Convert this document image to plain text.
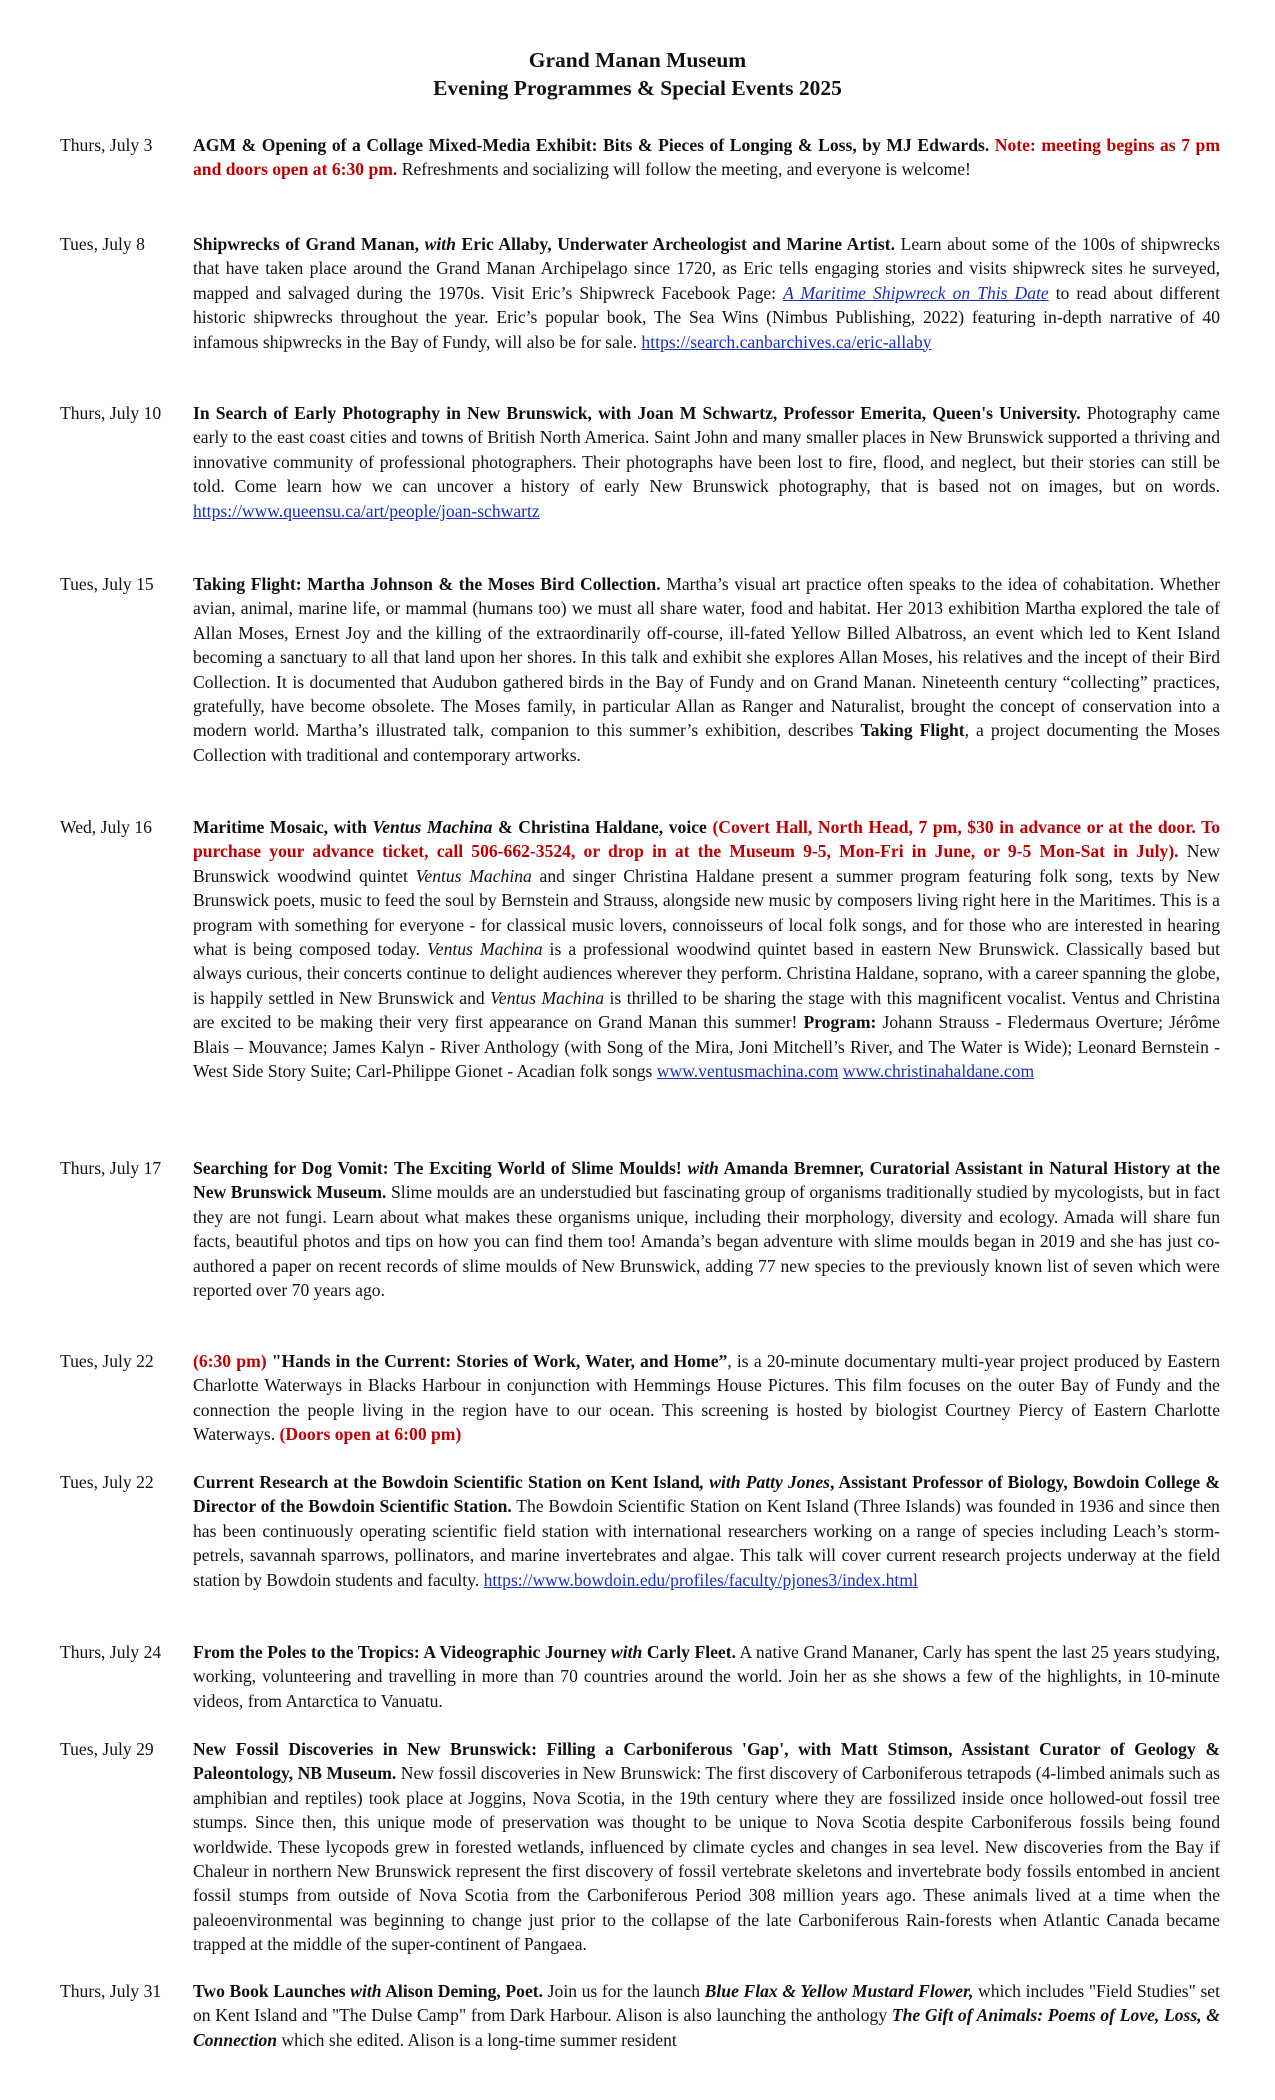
Grand Manan Museum
Evening Programmes & Special Events 2025
Thurs, July 3	AGM & Opening of a Collage Mixed-Media Exhibit: Bits & Pieces of Longing & Loss, by MJ Edwards. Note: meeting begins as 7 pm and doors open at 6:30 pm. Refreshments and socializing will follow the meeting, and everyone is welcome!
Tues, July 8	Shipwrecks of Grand Manan, with Eric Allaby, Underwater Archeologist and Marine Artist. Learn about some of the 100s of shipwrecks that have taken place around the Grand Manan Archipelago since 1720, as Eric tells engaging stories and visits shipwreck sites he surveyed, mapped and salvaged during the 1970s. Visit Eric’s Shipwreck Facebook Page: A Maritime Shipwreck on This Date to read about different historic shipwrecks throughout the year. Eric’s popular book, The Sea Wins (Nimbus Publishing, 2022) featuring in-depth narrative of 40 infamous shipwrecks in the Bay of Fundy, will also be for sale. https://search.canbarchives.ca/eric-allaby
Thurs, July 10	In Search of Early Photography in New Brunswick, with Joan M Schwartz, Professor Emerita, Queen's University. Photography came early to the east coast cities and towns of British North America. Saint John and many smaller places in New Brunswick supported a thriving and innovative community of professional photographers. Their photographs have been lost to fire, flood, and neglect, but their stories can still be told. Come learn how we can uncover a history of early New Brunswick photography, that is based not on images, but on words. https://www.queensu.ca/art/people/joan-schwartz
Tues, July 15	Taking Flight: Martha Johnson & the Moses Bird Collection. Martha’s visual art practice often speaks to the idea of cohabitation. Whether avian, animal, marine life, or mammal (humans too) we must all share water, food and habitat. Her 2013 exhibition Martha explored the tale of Allan Moses, Ernest Joy and the killing of the extraordinarily off-course, ill-fated Yellow Billed Albatross, an event which led to Kent Island becoming a sanctuary to all that land upon her shores. In this talk and exhibit she explores Allan Moses, his relatives and the incept of their Bird Collection. It is documented that Audubon gathered birds in the Bay of Fundy and on Grand Manan. Nineteenth century “collecting” practices, gratefully, have become obsolete. The Moses family, in particular Allan as Ranger and Naturalist, brought the concept of conservation into a modern world. Martha’s illustrated talk, companion to this summer’s exhibition, describes Taking Flight, a project documenting the Moses Collection with traditional and contemporary artworks.
Wed, July 16	Maritime Mosaic, with Ventus Machina & Christina Haldane, voice (Covert Hall, North Head, 7 pm, $30 in advance or at the door. To purchase your advance ticket, call 506-662-3524, or drop in at the Museum 9-5, Mon-Fri in June, or 9-5 Mon-Sat in July). New Brunswick woodwind quintet Ventus Machina and singer Christina Haldane present a summer program featuring folk song, texts by New Brunswick poets, music to feed the soul by Bernstein and Strauss, alongside new music by composers living right here in the Maritimes. This is a program with something for everyone - for classical music lovers, connoisseurs of local folk songs, and for those who are interested in hearing what is being composed today. Ventus Machina is a professional woodwind quintet based in eastern New Brunswick. Classically based but always curious, their concerts continue to delight audiences wherever they perform. Christina Haldane, soprano, with a career spanning the globe, is happily settled in New Brunswick and Ventus Machina is thrilled to be sharing the stage with this magnificent vocalist. Ventus and Christina are excited to be making their very first appearance on Grand Manan this summer! Program: Johann Strauss - Fledermaus Overture; Jérôme Blais – Mouvance; James Kalyn - River Anthology (with Song of the Mira, Joni Mitchell’s River, and The Water is Wide); Leonard Bernstein - West Side Story Suite; Carl-Philippe Gionet - Acadian folk songs www.ventusmachina.com www.christinahaldane.com
Thurs, July 17	Searching for Dog Vomit: The Exciting World of Slime Moulds! with Amanda Bremner, Curatorial Assistant in Natural History at the New Brunswick Museum. Slime moulds are an understudied but fascinating group of organisms traditionally studied by mycologists, but in fact they are not fungi. Learn about what makes these organisms unique, including their morphology, diversity and ecology. Amada will share fun facts, beautiful photos and tips on how you can find them too! Amanda’s began adventure with slime moulds began in 2019 and she has just co-authored a paper on recent records of slime moulds of New Brunswick, adding 77 new species to the previously known list of seven which were reported over 70 years ago.
Tues, July 22	(6:30 pm) "Hands in the Current: Stories of Work, Water, and Home”, is a 20-minute documentary multi-year project produced by Eastern Charlotte Waterways in Blacks Harbour in conjunction with Hemmings House Pictures. This film focuses on the outer Bay of Fundy and the connection the people living in the region have to our ocean. This screening is hosted by biologist Courtney Piercy of Eastern Charlotte Waterways. (Doors open at 6:00 pm)
Tues, July 22	Current Research at the Bowdoin Scientific Station on Kent Island, with Patty Jones, Assistant Professor of Biology, Bowdoin College & Director of the Bowdoin Scientific Station. The Bowdoin Scientific Station on Kent Island (Three Islands) was founded in 1936 and since then has been continuously operating scientific field station with international researchers working on a range of species including Leach’s storm-petrels, savannah sparrows, pollinators, and marine invertebrates and algae. This talk will cover current research projects underway at the field station by Bowdoin students and faculty. https://www.bowdoin.edu/profiles/faculty/pjones3/index.html
Thurs, July 24	From the Poles to the Tropics: A Videographic Journey with Carly Fleet. A native Grand Mananer, Carly has spent the last 25 years studying, working, volunteering and travelling in more than 70 countries around the world. Join her as she shows a few of the highlights, in 10-minute videos, from Antarctica to Vanuatu.
Tues, July 29	New Fossil Discoveries in New Brunswick: Filling a Carboniferous 'Gap', with Matt Stimson, Assistant Curator of Geology & Paleontology, NB Museum. New fossil discoveries in New Brunswick: The first discovery of Carboniferous tetrapods (4-limbed animals such as amphibian and reptiles) took place at Joggins, Nova Scotia, in the 19th century where they are fossilized inside once hollowed-out fossil tree stumps. Since then, this unique mode of preservation was thought to be unique to Nova Scotia despite Carboniferous fossils being found worldwide. These lycopods grew in forested wetlands, influenced by climate cycles and changes in sea level. New discoveries from the Bay if Chaleur in northern New Brunswick represent the first discovery of fossil vertebrate skeletons and invertebrate body fossils entombed in ancient fossil stumps from outside of Nova Scotia from the Carboniferous Period 308 million years ago. These animals lived at a time when the paleoenvironmental was beginning to change just prior to the collapse of the late Carboniferous Rain-forests when Atlantic Canada became trapped at the middle of the super-continent of Pangaea.
Thurs, July 31	Two Book Launches with Alison Deming, Poet. Join us for the launch Blue Flax & Yellow Mustard Flower, which includes "Field Studies" set on Kent Island and "The Dulse Camp" from Dark Harbour. Alison is also launching the anthology The Gift of Animals: Poems of Love, Loss, & Connection which she edited. Alison is a long-time summer resident
